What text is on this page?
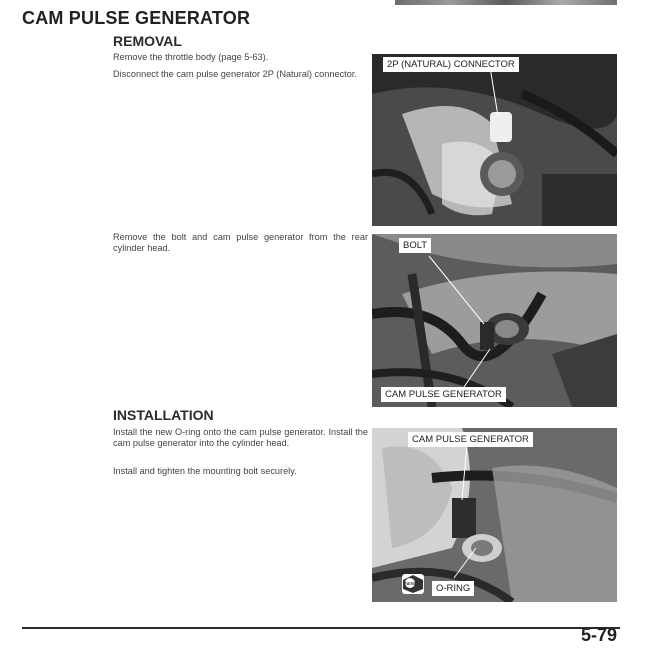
CAM PULSE GENERATOR
REMOVAL
Remove the throttle body (page 5-63).
Disconnect the cam pulse generator 2P (Natural) connector.
Remove the bolt and cam pulse generator from the rear cylinder head.
INSTALLATION
Install the new O-ring onto the cam pulse generator. Install the cam pulse generator into the cylinder head.
Install and tighten the mounting bolt securely.
2P (NATURAL) CONNECTOR
BOLT
CAM PULSE GENERATOR
CAM PULSE GENERATOR
O-RING
NEW
5-79
